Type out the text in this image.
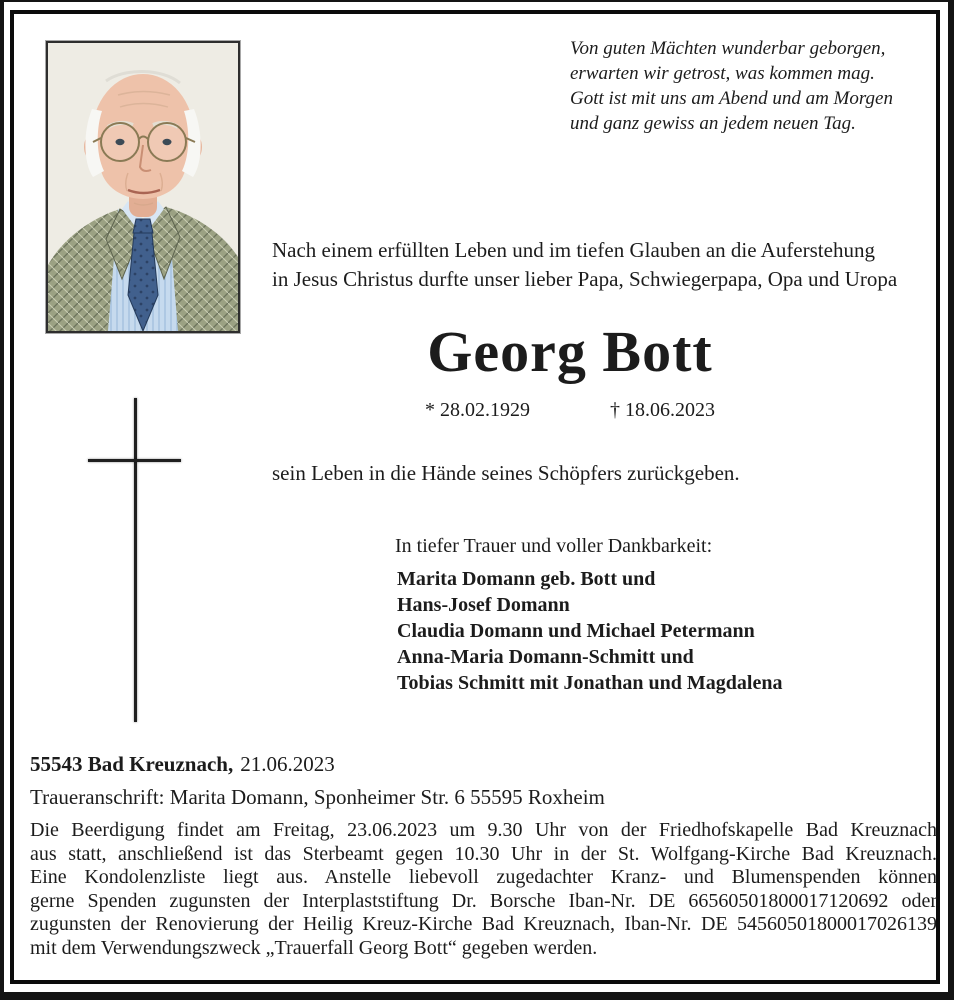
Von guten Mächten wunderbar geborgen,
erwarten wir getrost, was kommen mag.
Gott ist mit uns am Abend und am Morgen
und ganz gewiss an jedem neuen Tag.
Nach einem erfüllten Leben und im tiefen Glauben an die Auferstehung
in Jesus Christus durfte unser lieber Papa, Schwiegerpapa, Opa und Uropa
Georg Bott
* 28.02.1929	† 18.06.2023
sein Leben in die Hände seines Schöpfers zurückgeben.
In tiefer Trauer und voller Dankbarkeit:
Marita Domann geb. Bott und
Hans-Josef Domann
Claudia Domann und Michael Petermann
Anna-Maria Domann-Schmitt und
Tobias Schmitt mit Jonathan und Magdalena
55543 Bad Kreuznach, 21.06.2023
Traueranschrift: Marita Domann, Sponheimer Str. 6 55595 Roxheim
Die Beerdigung findet am Freitag, 23.06.2023 um 9.30 Uhr von der Friedhofskapelle Bad Kreuznach
aus statt, anschließend ist das Sterbeamt gegen 10.30 Uhr in der St. Wolfgang-Kirche Bad Kreuznach.
Eine Kondolenzliste liegt aus. Anstelle liebevoll zugedachter Kranz- und Blumenspenden können
gerne Spenden zugunsten der Interplaststiftung Dr. Borsche Iban-Nr. DE 66560501800017120692 oder
zugunsten der Renovierung der Heilig Kreuz-Kirche Bad Kreuznach, Iban-Nr. DE 54560501800017026139
mit dem Verwendungszweck „Trauerfall Georg Bott“ gegeben werden.
